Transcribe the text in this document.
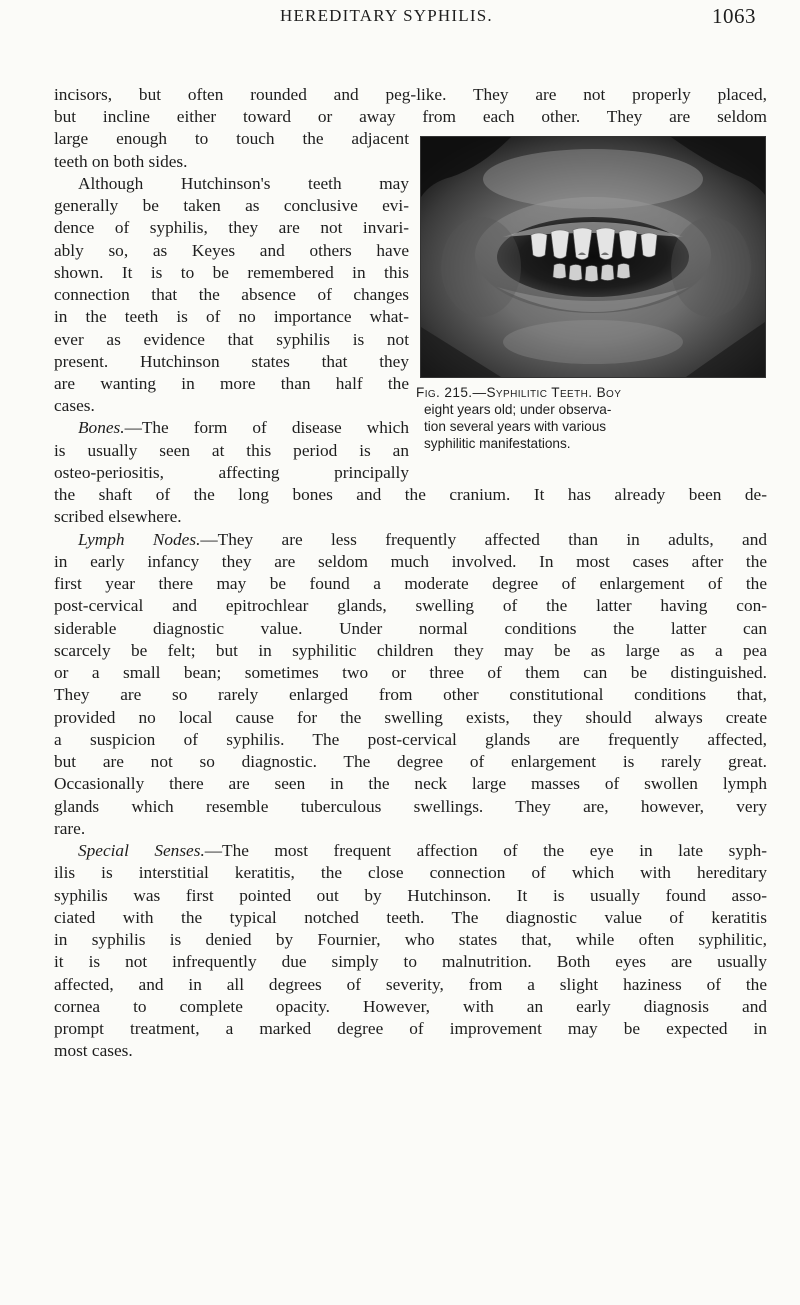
HEREDITARY SYPHILIS.	1063
incisors, but often rounded and peg-like. They are not properly placed,
but incline either toward or away from each other. They are seldom
large enough to touch the adjacent
teeth on both sides.
Although Hutchinson's teeth may
generally be taken as conclusive evi-
dence of syphilis, they are not invari-
ably so, as Keyes and others have
shown. It is to be remembered in this
connection that the absence of changes
in the teeth is of no importance what-
ever as evidence that syphilis is not
present. Hutchinson states that they
are wanting in more than half the
cases.
Bones.—The form of disease which
is usually seen at this period is an
osteo-periositis, affecting principally
the shaft of the long bones and the cranium. It has already been de-
scribed elsewhere.
Lymph Nodes.—They are less frequently affected than in adults, and
in early infancy they are seldom much involved. In most cases after the
first year there may be found a moderate degree of enlargement of the
post-cervical and epitrochlear glands, swelling of the latter having con-
siderable diagnostic value. Under normal conditions the latter can
scarcely be felt; but in syphilitic children they may be as large as a pea
or a small bean; sometimes two or three of them can be distinguished.
They are so rarely enlarged from other constitutional conditions that,
provided no local cause for the swelling exists, they should always create
a suspicion of syphilis. The post-cervical glands are frequently affected,
but are not so diagnostic. The degree of enlargement is rarely great.
Occasionally there are seen in the neck large masses of swollen lymph
glands which resemble tuberculous swellings. They are, however, very
rare.
Special Senses.—The most frequent affection of the eye in late syph-
ilis is interstitial keratitis, the close connection of which with hereditary
syphilis was first pointed out by Hutchinson. It is usually found asso-
ciated with the typical notched teeth. The diagnostic value of keratitis
in syphilis is denied by Fournier, who states that, while often syphilitic,
it is not infrequently due simply to malnutrition. Both eyes are usually
affected, and in all degrees of severity, from a slight haziness of the
cornea to complete opacity. However, with an early diagnosis and
prompt treatment, a marked degree of improvement may be expected in
most cases.
Fig. 215.—Syphilitic Teeth. Boy
eight years old; under observa-
tion several years with various
syphilitic manifestations.
